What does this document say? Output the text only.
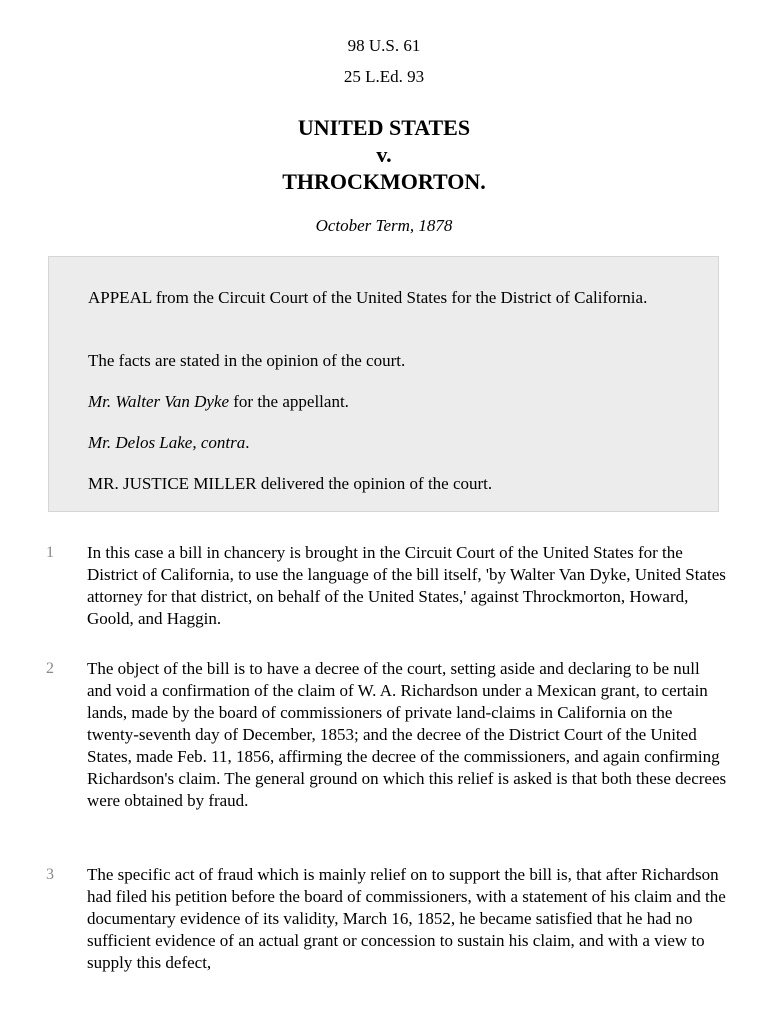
98 U.S. 61
25 L.Ed. 93
UNITED STATES
v.
THROCKMORTON.
October Term, 1878

APPEAL from the Circuit Court of the United States for the District of California.

The facts are stated in the opinion of the court.

Mr. Walter Van Dyke for the appellant.

Mr. Delos Lake, contra.

MR. JUSTICE MILLER delivered the opinion of the court.

1	In this case a bill in chancery is brought in the Circuit Court of the United States for the District of California, to use the language of the bill itself, 'by Walter Van Dyke, United States attorney for that district, on behalf of the United States,' against Throckmorton, Howard, Goold, and Haggin.

2	The object of the bill is to have a decree of the court, setting aside and declaring to be null and void a confirmation of the claim of W. A. Richardson under a Mexican grant, to certain lands, made by the board of commissioners of private land-claims in California on the twenty-seventh day of December, 1853; and the decree of the District Court of the United States, made Feb. 11, 1856, affirming the decree of the commissioners, and again confirming Richardson's claim. The general ground on which this relief is asked is that both these decrees were obtained by fraud.

3	The specific act of fraud which is mainly relief on to support the bill is, that after Richardson had filed his petition before the board of commissioners, with a statement of his claim and the documentary evidence of its validity, March 16, 1852, he became satisfied that he had no sufficient evidence of an actual grant or concession to sustain his claim, and with a view to supply this defect,
